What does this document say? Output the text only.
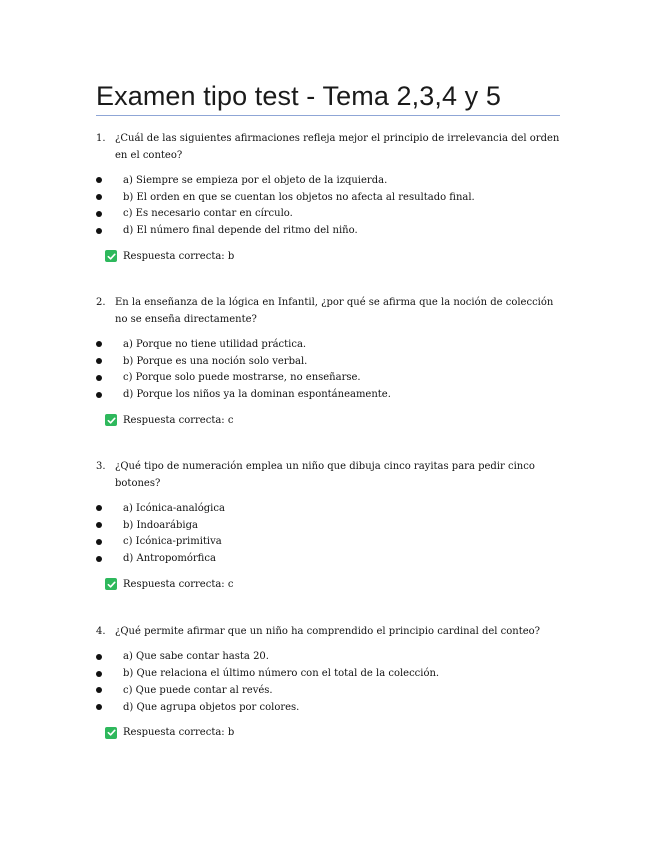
Examen tipo test - Tema 2,3,4 y 5
1. ¿Cuál de las siguientes afirmaciones refleja mejor el principio de irrelevancia del orden en el conteo?
a) Siempre se empieza por el objeto de la izquierda.
b) El orden en que se cuentan los objetos no afecta al resultado final.
c) Es necesario contar en círculo.
d) El número final depende del ritmo del niño.
Respuesta correcta: b
2. En la enseñanza de la lógica en Infantil, ¿por qué se afirma que la noción de colección no se enseña directamente?
a) Porque no tiene utilidad práctica.
b) Porque es una noción solo verbal.
c) Porque solo puede mostrarse, no enseñarse.
d) Porque los niños ya la dominan espontáneamente.
Respuesta correcta: c
3. ¿Qué tipo de numeración emplea un niño que dibuja cinco rayitas para pedir cinco botones?
a) Icónica-analógica
b) Indoarábiga
c) Icónica-primitiva
d) Antropomórfica
Respuesta correcta: c
4. ¿Qué permite afirmar que un niño ha comprendido el principio cardinal del conteo?
a) Que sabe contar hasta 20.
b) Que relaciona el último número con el total de la colección.
c) Que puede contar al revés.
d) Que agrupa objetos por colores.
Respuesta correcta: b
